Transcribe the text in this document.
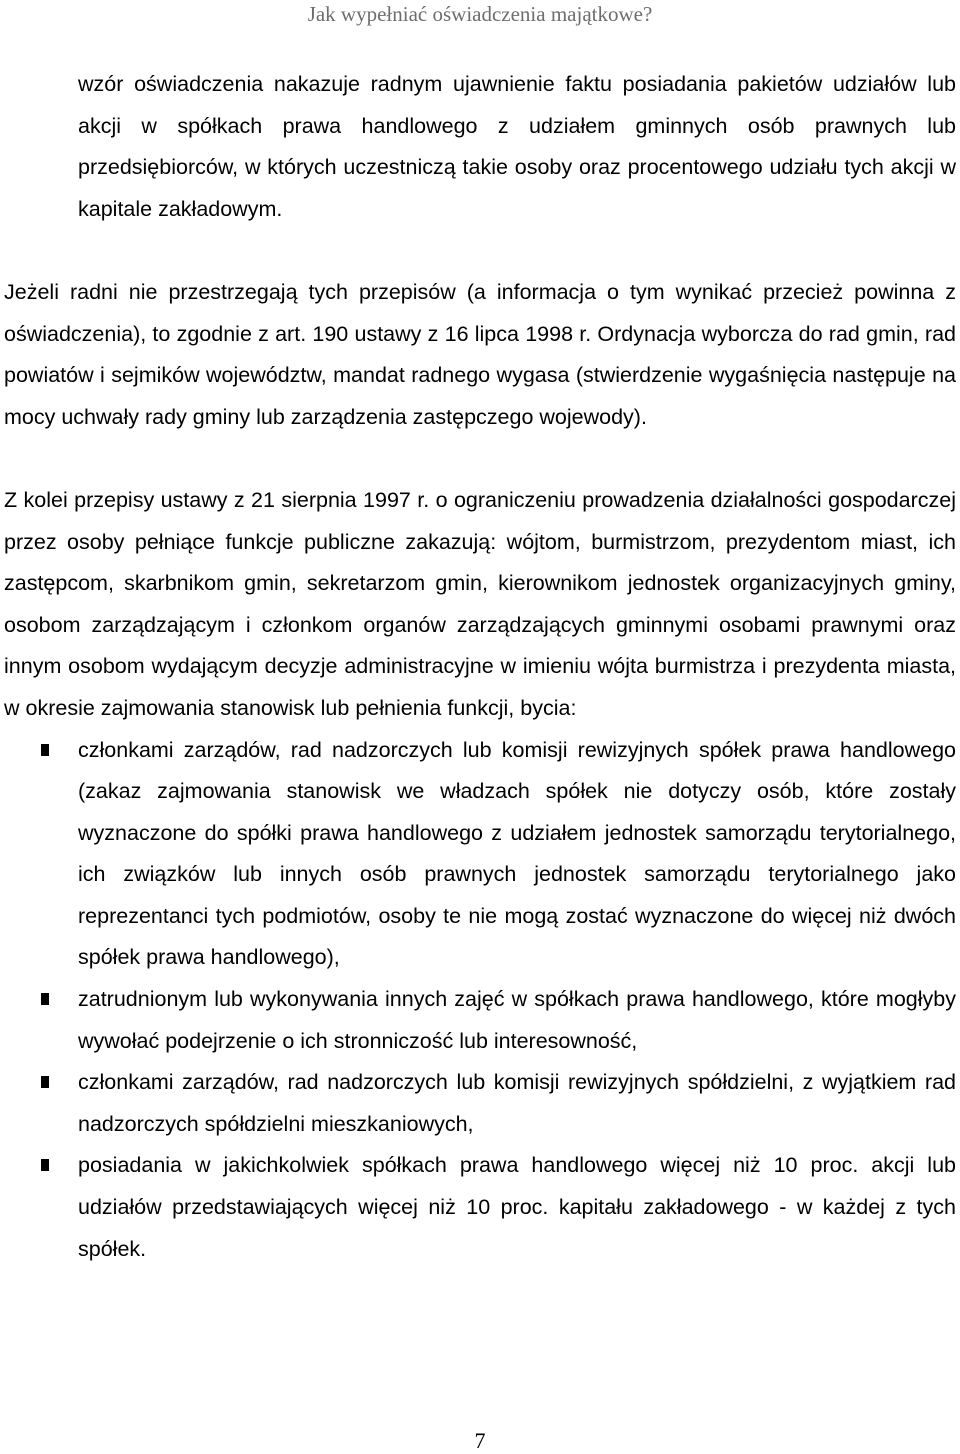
Jak wypełniać oświadczenia majątkowe?

wzór oświadczenia nakazuje radnym ujawnienie faktu posiadania pakietów udziałów lub akcji w spółkach prawa handlowego z udziałem gminnych osób prawnych lub przedsiębiorców, w których uczestniczą takie osoby oraz procentowego udziału tych akcji w kapitale zakładowym.

Jeżeli radni nie przestrzegają tych przepisów (a informacja o tym wynikać przecież powinna z oświadczenia), to zgodnie z art. 190 ustawy z 16 lipca 1998 r. Ordynacja wyborcza do rad gmin, rad powiatów i sejmików województw, mandat radnego wygasa (stwierdzenie wygaśnięcia następuje na mocy uchwały rady gminy lub zarządzenia zastępczego wojewody).

Z kolei przepisy ustawy z 21 sierpnia 1997 r. o ograniczeniu prowadzenia działalności gospodarczej przez osoby pełniące funkcje publiczne zakazują: wójtom, burmistrzom, prezydentom miast, ich zastępcom, skarbnikom gmin, sekretarzom gmin, kierownikom jednostek organizacyjnych gminy, osobom zarządzającym i członkom organów zarządzających gminnymi osobami prawnymi oraz innym osobom wydającym decyzje administracyjne w imieniu wójta burmistrza i prezydenta miasta, w okresie zajmowania stanowisk lub pełnienia funkcji, bycia:

członkami zarządów, rad nadzorczych lub komisji rewizyjnych spółek prawa handlowego (zakaz zajmowania stanowisk we władzach spółek nie dotyczy osób, które zostały wyznaczone do spółki prawa handlowego z udziałem jednostek samorządu terytorialnego, ich związków lub innych osób prawnych jednostek samorządu terytorialnego jako reprezentanci tych podmiotów, osoby te nie mogą zostać wyznaczone do więcej niż dwóch spółek prawa handlowego),
zatrudnionym lub wykonywania innych zajęć w spółkach prawa handlowego, które mogłyby wywołać podejrzenie o ich stronniczość lub interesowność,
członkami zarządów, rad nadzorczych lub komisji rewizyjnych spółdzielni, z wyjątkiem rad nadzorczych spółdzielni mieszkaniowych,
posiadania w jakichkolwiek spółkach prawa handlowego więcej niż 10 proc. akcji lub udziałów przedstawiających więcej niż 10 proc. kapitału zakładowego - w każdej z tych spółek.
7
